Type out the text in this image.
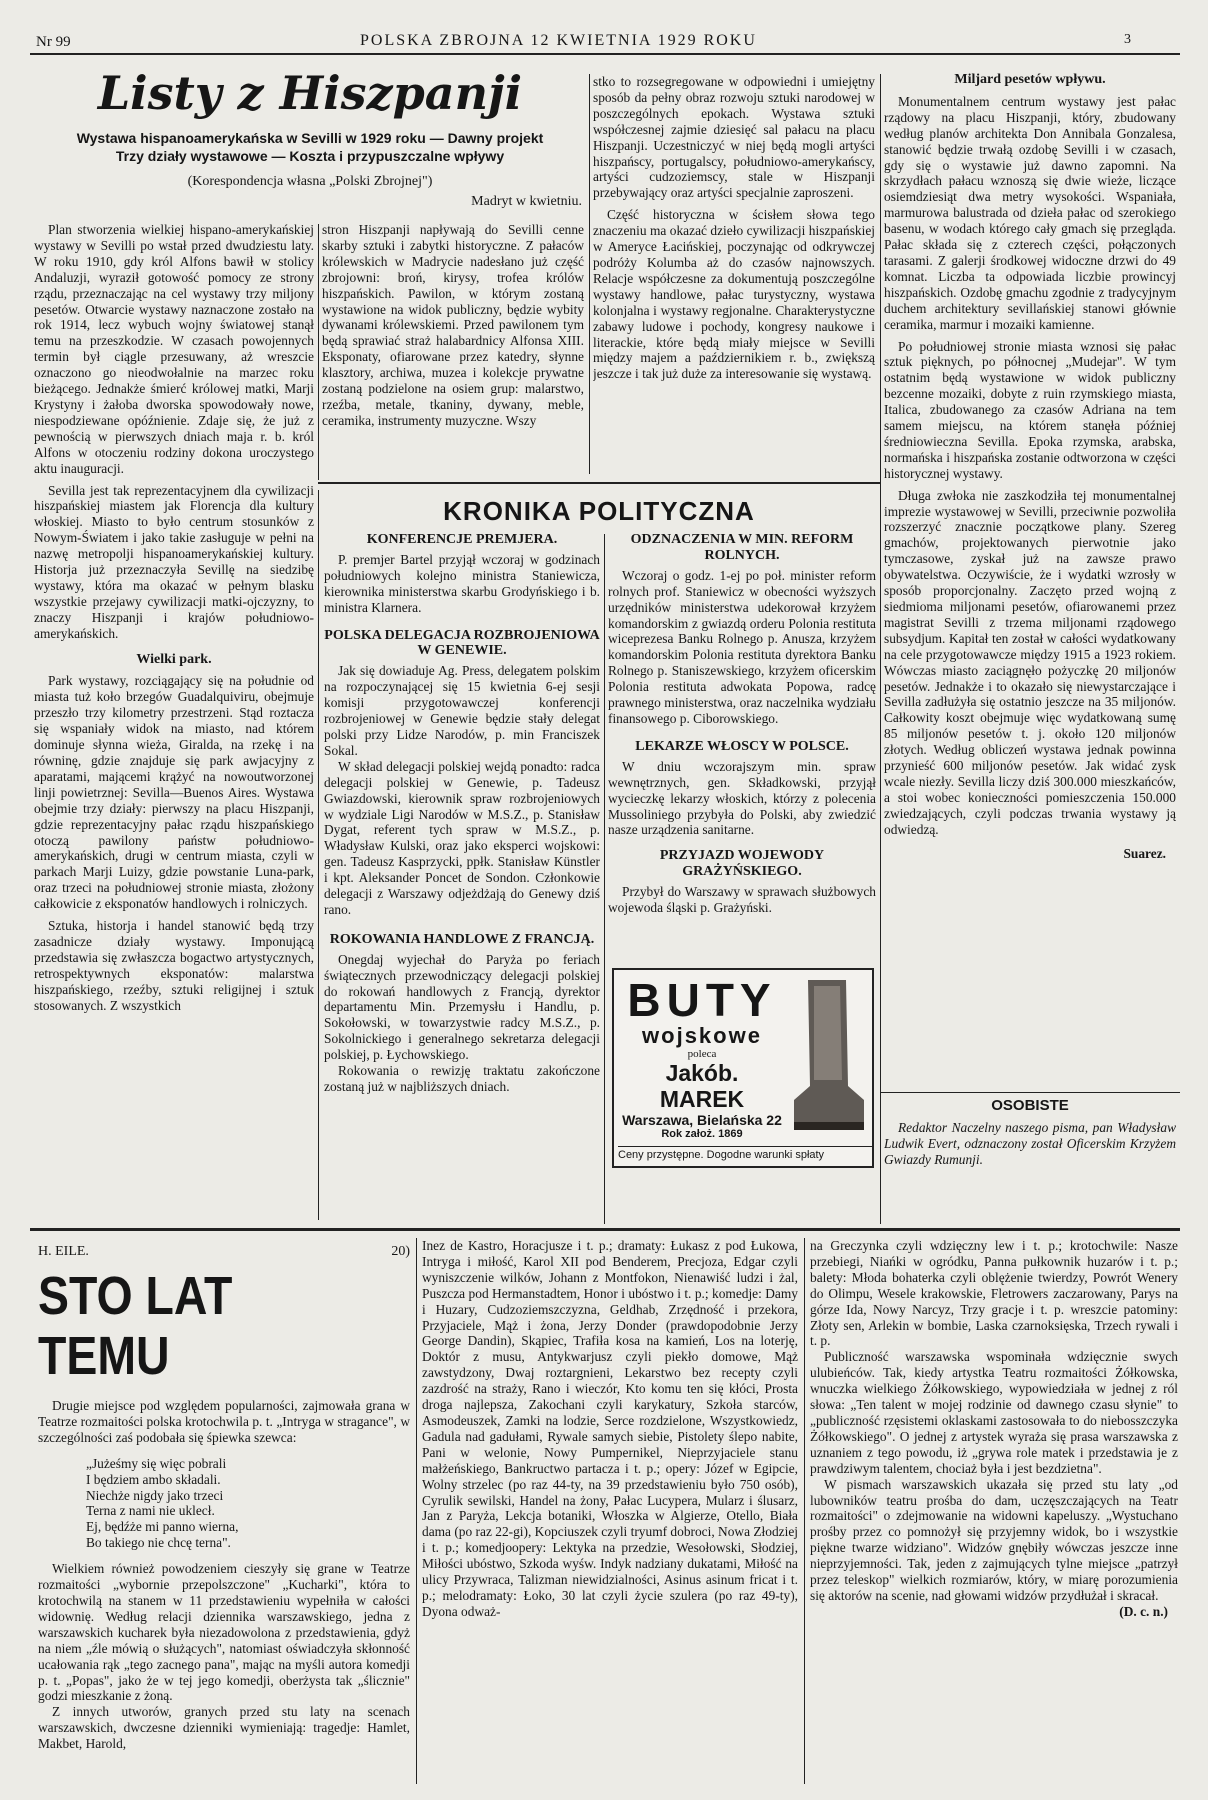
Nr 99	POLSKA ZBROJNA 12 KWIETNIA 1929 ROKU	3
Listy z Hiszpanji
Wystawa hispanoamerykańska w Sevilli w 1929 roku — Dawny projekt
Trzy działy wystawowe — Koszta i przypuszczalne wpływy
(Korespondencja własna „Polski Zbrojnej")
Madryt w kwietniu.

Plan stworzenia wielkiej hispano-amerykańskiej wystawy w Sevilli po wstał przed dwudziestu laty. W roku 1910, gdy król Alfons bawił w stolicy Andaluzji, wyraził gotowość pomocy ze strony rządu, przeznaczając na cel wystawy trzy miljony pesetów. Otwarcie wystawy naznaczone zostało na rok 1914, lecz wybuch wojny światowej stanął temu na przeszkodzie. W czasach powojennych termin był ciągle przesuwany, aż wreszcie oznaczono go nieodwołalnie na marzec roku bieżącego. Jednakże śmierć królowej matki, Marji Krystyny i żałoba dworska spowodowały nowe, niespodziewane opóźnienie. Zdaje się, że już z pewnością w pierwszych dniach maja r. b. król Alfons w otoczeniu rodziny dokona uroczystego aktu inauguracji.

Sevilla jest tak reprezentacyjnem dla cywilizacji hiszpańskiej miastem jak Florencja dla kultury włoskiej. Miasto to było centrum stosunków z Nowym-Światem i jako takie zasługuje w pełni na nazwę metropolji hispanoamerykańskiej kultury. Historja już przeznaczyła Sevillę na siedzibę wystawy, która ma okazać w pełnym blasku wszystkie przejawy cywilizacji matki-ojczyzny, to znaczy Hiszpanji i krajów południowo-amerykańskich.

Wielki park.

Park wystawy, rozciągający się na południe od miasta tuż koło brzegów Guadalquiviru, obejmuje przeszło trzy kilometry przestrzeni. Stąd roztacza się wspaniały widok na miasto, nad którem dominuje słynna wieża, Giralda, na rzekę i na równinę, gdzie znajduje się park awjacyjny z aparatami, mającemi krążyć na nowoutworzonej linji powietrznej: Sevilla—Buenos Aires. Wystawa obejmie trzy działy: pierwszy na placu Hiszpanji, gdzie reprezentacyjny pałac rządu hiszpańskiego otoczą pawilony państw południowo-amerykańskich, drugi w centrum miasta, czyli w parkach Marji Luizy, gdzie powstanie Luna-park, oraz trzeci na południowej stronie miasta, złożony całkowicie z eksponatów handlowych i rolniczych.

Sztuka, historja i handel stanowić będą trzy zasadnicze działy wystawy. Imponującą przedstawia się zwłaszcza bogactwo artystycznych, retrospektywnych eksponatów: malarstwa hiszpańskiego, rzeźby, sztuki religijnej i sztuk stosowanych. Z wszystkich

stron Hiszpanji napływają do Sevilli cenne skarby sztuki i zabytki historyczne. Z pałaców królewskich w Madrycie nadesłano już część zbrojowni: broń, kirysy, trofea królów hiszpańskich. Pawilon, w którym zostaną wystawione na widok publiczny, będzie wybity dywanami królewskiemi. Przed pawilonem tym będą sprawiać straż halabardnicy Alfonsa XIII. Eksponaty, ofiarowane przez katedry, słynne klasztory, archiwa, muzea i kolekcje prywatne zostaną podzielone na osiem grup: malarstwo, rzeźba, metale, tkaniny, dywany, meble, ceramika, instrumenty muzyczne. Wszy

stko to rozsegregowane w odpowiedni i umiejętny sposób da pełny obraz rozwoju sztuki narodowej w poszczególnych epokach. Wystawa sztuki współczesnej zajmie dziesięć sal pałacu na placu Hiszpanji. Uczestniczyć w niej będą mogli artyści hiszpańscy, portugalscy, południowo-amerykańscy, artyści cudzoziemscy, stale w Hiszpanji przebywający oraz artyści specjalnie zaproszeni.

Część historyczna w ścisłem słowa tego znaczeniu ma okazać dzieło cywilizacji hiszpańskiej w Ameryce Łacińskiej, poczynając od odkrywczej podróży Kolumba aż do czasów najnowszych. Relacje współczesne za dokumentują poszczególne wystawy handlowe, pałac turystyczny, wystawa kolonjalna i wystawy regjonalne. Charakterystyczne zabawy ludowe i pochody, kongresy naukowe i literackie, które będą miały miejsce w Sevilli między majem a październikiem r. b., zwiększą jeszcze i tak już duże za interesowanie się wystawą.

Miljard pesetów wpływu.

Monumentalnem centrum wystawy jest pałac rządowy na placu Hiszpanji, który, zbudowany według planów architekta Don Annibala Gonzalesa, stanowić będzie trwałą ozdobę Sevilli i w czasach, gdy się o wystawie już dawno zapomni. Na skrzydłach pałacu wznoszą się dwie wieże, liczące osiemdziesiąt dwa metry wysokości. Wspaniała, marmurowa balustrada od dzieła pałac od szerokiego basenu, w wodach którego cały gmach się przegląda. Pałac składa się z czterech części, połączonych tarasami. Z galerji środkowej widoczne drzwi do 49 komnat. Liczba ta odpowiada liczbie prowincyj hiszpańskich. Ozdobę gmachu zgodnie z tradycyjnym duchem architektury sevillańskiej stanowi głównie ceramika, marmur i mozaiki kamienne.

Po południowej stronie miasta wznosi się pałac sztuk pięknych, po północnej „Mudejar". W tym ostatnim będą wystawione w widok publiczny bezcenne mozaiki, dobyte z ruin rzymskiego miasta, Italica, zbudowanego za czasów Adriana na tem samem miejscu, na którem stanęła później średniowieczna Sevilla. Epoka rzymska, arabska, normańska i hiszpańska zostanie odtworzona w części historycznej wystawy.

Długa zwłoka nie zaszkodziła tej monumentalnej imprezie wystawowej w Sevilli, przeciwnie pozwoliła rozszerzyć znacznie początkowe plany. Szereg gmachów, projektowanych pierwotnie jako tymczasowe, zyskał już na zawsze prawo obywatelstwa. Oczywiście, że i wydatki wzrosły w sposób proporcjonalny. Zaczęto przed wojną z siedmioma miljonami pesetów, ofiarowanemi przez magistrat Sevilli z trzema miljonami rządowego subsydjum. Kapitał ten został w całości wydatkowany na cele przygotowawcze między 1915 a 1923 rokiem. Wówczas miasto zaciągnęło pożyczkę 20 miljonów pesetów. Jednakże i to okazało się niewystarczające i Sevilla zadłużyła się ostatnio jeszcze na 35 miljonów. Całkowity koszt obejmuje więc wydatkowaną sumę 85 miljonów pesetów t. j. około 120 miljonów złotych. Według obliczeń wystawa jednak powinna przynieść 600 miljonów pesetów. Jak widać zysk wcale niezły. Sevilla liczy dziś 300.000 mieszkańców, a stoi wobec konieczności pomieszczenia 150.000 zwiedzających, czyli podczas trwania wystawy ją odwiedzą.

Suarez.
KRONIKA POLITYCZNA
KONFERENCJE PREMJERA.

P. premjer Bartel przyjął wczoraj w godzinach południowych kolejno ministra Staniewicza, kierownika ministerstwa skarbu Grodyńskiego i b. ministra Klarnera.

POLSKA DELEGACJA ROZBROJENIOWA W GENEWIE.

Jak się dowiaduje Ag. Press, delegatem polskim na rozpoczynającej się 15 kwietnia 6-ej sesji komisji przygotowawczej konferencji rozbrojeniowej w Genewie będzie stały delegat polski przy Lidze Narodów, p. min Franciszek Sokal.

W skład delegacji polskiej wejdą ponadto: radca delegacji polskiej w Genewie, p. Tadeusz Gwiazdowski, kierownik spraw rozbrojeniowych w wydziale Ligi Narodów w M.S.Z., p. Stanisław Dygat, referent tych spraw w M.S.Z., p. Władysław Kulski, oraz jako eksperci wojskowi: gen. Tadeusz Kasprzycki, ppłk. Stanisław Künstler i kpt. Aleksander Poncet de Sondon. Członkowie delegacji z Warszawy odjeżdżają do Genewy dziś rano.

ROKOWANIA HANDLOWE Z FRANCJĄ.

Onegdaj wyjechał do Paryża po feriach świątecznych przewodniczący delegacji polskiej do rokowań handlowych z Francją, dyrektor departamentu Min. Przemysłu i Handlu, p. Sokołowski, w towarzystwie radcy M.S.Z., p. Sokolnickiego i generalnego sekretarza delegacji polskiej, p. Łychowskiego.

Rokowania o rewizję traktatu zakończone zostaną już w najbliższych dniach.

ODZNACZENIA W MIN. REFORM ROLNYCH.

Wczoraj o godz. 1-ej po poł. minister reform rolnych prof. Staniewicz w obecności wyższych urzędników ministerstwa udekorował krzyżem komandorskim z gwiazdą orderu Polonia restituta wiceprezesa Banku Rolnego p. Anusza, krzyżem komandorskim Polonia restituta dyrektora Banku Rolnego p. Staniszewskiego, krzyżem oficerskim Polonia restituta adwokata Popowa, radcę prawnego ministerstwa, oraz naczelnika wydziału finansowego p. Ciborowskiego.

LEKARZE WŁOSCY W POLSCE.

W dniu wczorajszym min. spraw wewnętrznych, gen. Składkowski, przyjął wycieczkę lekarzy włoskich, którzy z polecenia Mussoliniego przybyła do Polski, aby zwiedzić nasze urządzenia sanitarne.

PRZYJAZD WOJEWODY GRAŻYŃSKIEGO.

Przybył do Warszawy w sprawach służbowych wojewoda śląski p. Grażyński.

BUTY
wojskowe
poleca
Jakób. MAREK
Warszawa, Bielańska 22
Rok założ. 1869
Ceny przystępne. Dogodne warunki spłaty
OSOBISTE

Redaktor Naczelny naszego pisma, pan Władysław Ludwik Evert, odznaczony został Oficerskim Krzyżem Gwiazdy Rumunji.

H. EILE.	20)
STO LAT TEMU

Drugie miejsce pod względem popularności, zajmowała grana w Teatrze rozmaitości polska krotochwila p. t. „Intryga w stragance", w szczególności zaś podobała się śpiewka szewca:

„Jużeśmy się więc pobrali
I będziem ambo składali.
Niechże nigdy jako trzeci
Terna z nami nie uklecł.
Ej, będźże mi panno wierna,
Bo takiego nie chcę terna".

Wielkiem również powodzeniem cieszyły się grane w Teatrze rozmaitości „wybornie przepolszczone" „Kucharki", która to krotochwilą na stanem w 11 przedstawieniu wypełniła w całości widownię. Według relacji dziennika warszawskiego, jedna z warszawskich kucharek była niezadowolona z przedstawienia, gdyż na niem „źle mówią o służących", natomiast oświadczyła skłonność ucałowania rąk „tego zacnego pana", mając na myśli autora komedji p. t. „Popas", jako że w tej jego komedji, oberżysta tak „ślicznie" godzi mieszkanie z żoną.

Z innych utworów, granych przed stu laty na scenach warszawskich, dwczesne dzienniki wymieniają: tragedje: Hamlet, Makbet, Harold,

Inez de Kastro, Horacjusze i t. p.; dramaty: Łukasz z pod Łukowa, Intryga i miłość, Karol XII pod Benderem, Precjoza, Edgar czyli wyniszczenie wilków, Johann z Montfokon, Nienawiść ludzi i żal, Puszcza pod Hermanstadtem, Honor i ubóstwo i t. p.; komedje: Damy i Huzary, Cudzoziemszczyzna, Geldhab, Zrzędność i przekora, Przyjaciele, Mąż i żona, Jerzy Donder (prawdopodobnie Jerzy George Dandin), Skąpiec, Trafiła kosa na kamień, Los na loterję, Doktór z musu, Antykwarjusz czyli piekło domowe, Mąż zawstydzony, Dwaj roztargnieni, Lekarstwo bez recepty czyli zazdrość na straży, Rano i wieczór, Kto komu ten się kłóci, Prosta droga najlepsza, Zakochani czyli karykatury, Szkoła starców, Asmodeuszek, Zamki na lodzie, Serce rozdzielone, Wszystkowiedz, Gadula nad gadułami, Rywale samych siebie, Pistolety ślepo nabite, Pani w welonie, Nowy Pumpernikel, Nieprzyjaciele stanu małżeńskiego, Bankructwo partacza i t. p.; opery: Józef w Egipcie, Wolny strzelec (po raz 44-ty, na 39 przedstawieniu było 750 osób), Cyrulik sewilski, Handel na żony, Pałac Lucypera, Mularz i ślusarz, Jan z Paryża, Lekcja botaniki, Włoszka w Algierze, Otello, Biała dama (po raz 22-gi), Kopciuszek czyli tryumf dobroci, Nowa Złodziej i t. p.; komedjoopery: Lektyka na przedzie, Wesołowski, Słodziej, Miłości ubóstwo, Szkoda wyśw. Indyk nadziany dukatami, Miłość na ulicy Przywraca, Talizman niewidzialności, Asinus asinum fricat i t. p.; melodramaty: Łoko, 30 lat czyli życie szulera (po raz 49-ty), Dyona odważ-

na Greczynka czyli wdzięczny lew i t. p.; krotochwile: Nasze przebiegi, Niańki w ogródku, Panna pułkownik huzarów i t. p.; balety: Młoda bohaterka czyli oblężenie twierdzy, Powrót Wenery do Olimpu, Wesele krakowskie, Fletrowers zaczarowany, Parys na górze Ida, Nowy Narcyz, Trzy gracje i t. p. wreszcie patominy: Złoty sen, Arlekin w bombie, Laska czarnoksięska, Trzech rywali i t. p.

Publiczność warszawska wspominała wdzięcznie swych ulubieńców. Tak, kiedy artystka Teatru rozmaitości Żółkowska, wnuczka wielkiego Żółkowskiego, wypowiedziała w jednej z ról słowa: „Ten talent w mojej rodzinie od dawnego czasu słynie" to „publiczność rzęsistemi oklaskami zastosowała to do niebosszczyka Żółkowskiego". O jednej z artystek wyraża się prasa warszawska z uznaniem z tego powodu, iż „grywa role matek i przedstawia je z prawdziwym talentem, chociaż była i jest bezdzietna".

W pismach warszawskich ukazała się przed stu laty „od lubowników teatru prośba do dam, uczęszczających na Teatr rozmaitości" o zdejmowanie na widowni kapeluszy. „Wystuchano prośby przez co pomnożył się przyjemny widok, bo i wszystkie piękne twarze widziano". Widzów gnębiły wówczas jeszcze inne nieprzyjemności. Tak, jeden z zajmujących tylne miejsce „patrzył przez teleskop" wielkich rozmiarów, który, w miarę porozumienia się aktorów na scenie, nad głowami widzów przydłużał i skracał.

(D. c. n.)
